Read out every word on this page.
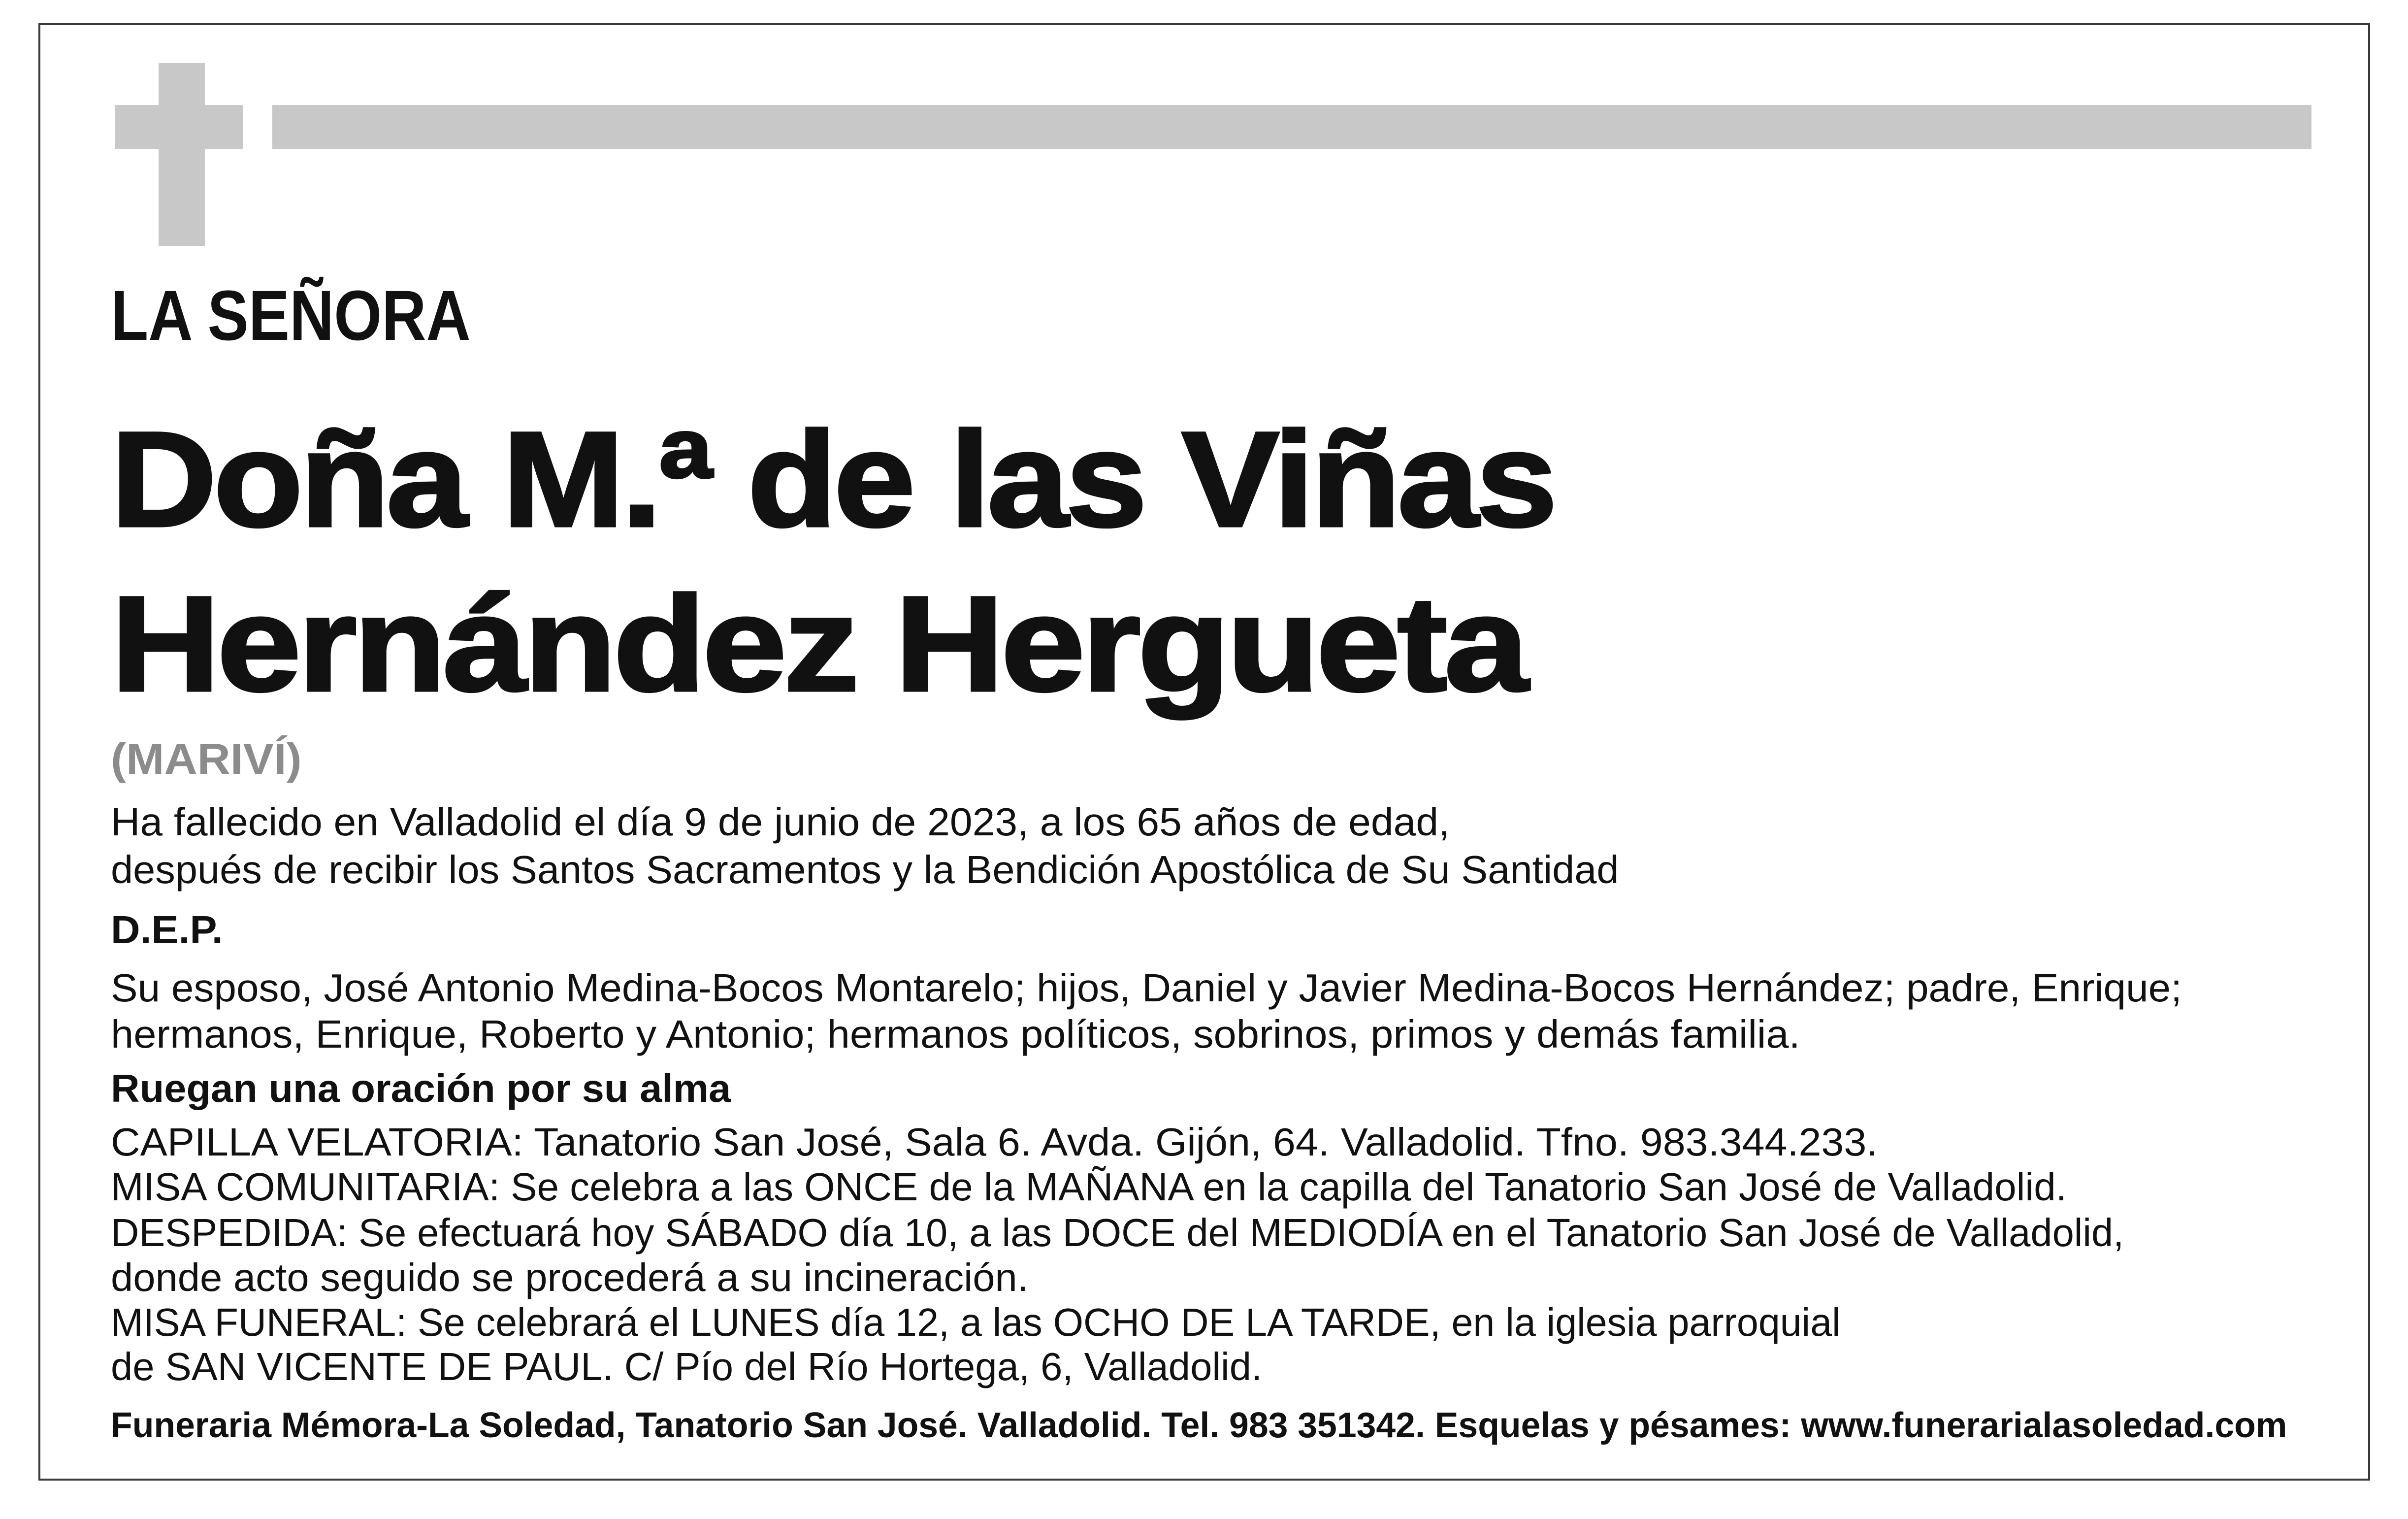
LA SEÑORA
Doña M.ª de las Viñas
Hernández Hergueta
(MARIVÍ)
Ha fallecido en Valladolid el día 9 de junio de 2023, a los 65 años de edad,
después de recibir los Santos Sacramentos y la Bendición Apostólica de Su Santidad
D.E.P.
Su esposo, José Antonio Medina-Bocos Montarelo; hijos, Daniel y Javier Medina-Bocos Hernández; padre, Enrique;
hermanos, Enrique, Roberto y Antonio; hermanos políticos, sobrinos, primos y demás familia.
Ruegan una oración por su alma
CAPILLA VELATORIA: Tanatorio San José, Sala 6. Avda. Gijón, 64. Valladolid. Tfno. 983.344.233.
MISA COMUNITARIA: Se celebra a las ONCE de la MAÑANA en la capilla del Tanatorio San José de Valladolid.
DESPEDIDA: Se efectuará hoy SÁBADO día 10, a las DOCE del MEDIODÍA en el Tanatorio San José de Valladolid,
donde acto seguido se procederá a su incineración.
MISA FUNERAL: Se celebrará el LUNES día 12, a las OCHO DE LA TARDE, en la iglesia parroquial
de SAN VICENTE DE PAUL. C/ Pío del Río Hortega, 6, Valladolid.
Funeraria Mémora-La Soledad, Tanatorio San José. Valladolid. Tel. 983 351342. Esquelas y pésames: www.funerarialasoledad.com
